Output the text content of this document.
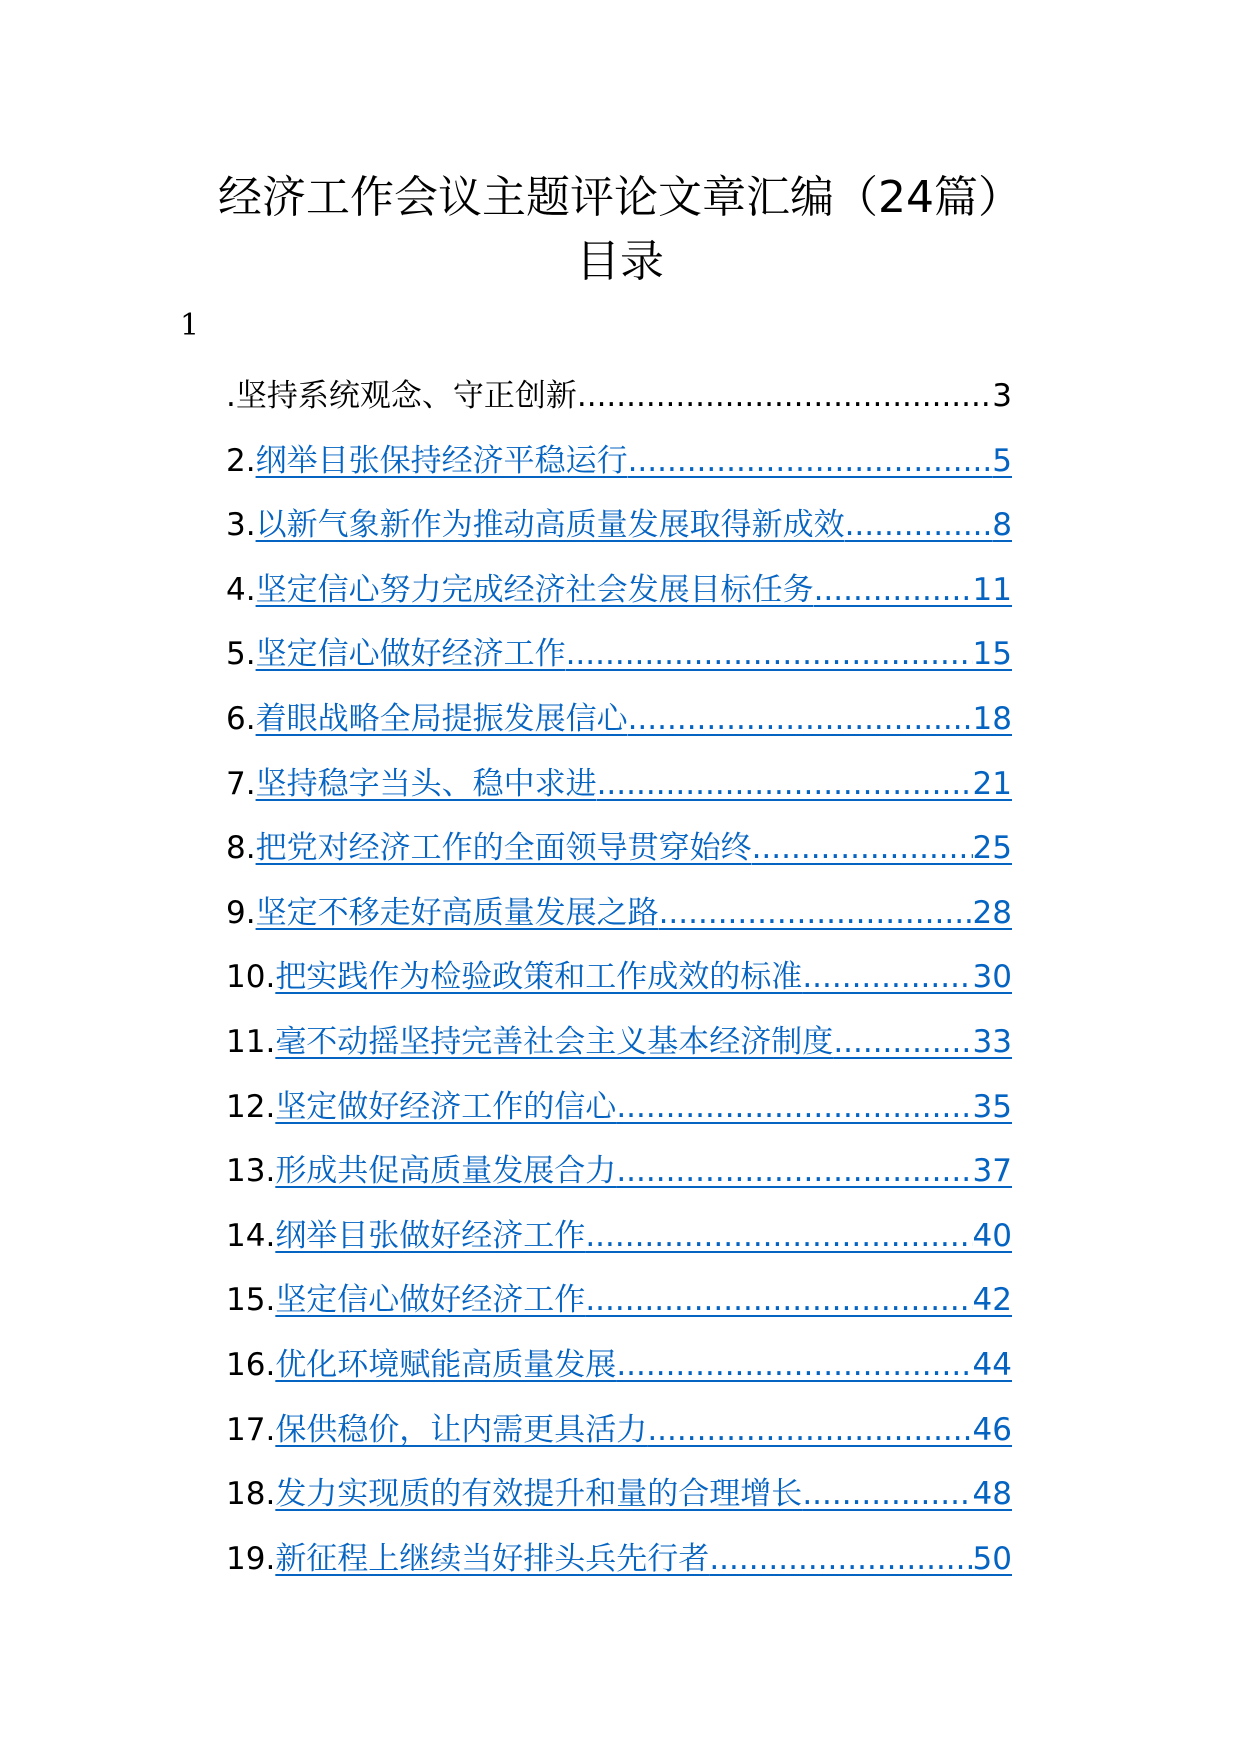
经济工作会议主题评论文章汇编（24篇）
目录
1
. 坚持系统观念、守正创新 .....	3
2. 纲举目张保持经济平稳运行 .....	5
3. 以新气象新作为推动高质量发展取得新成效 .....	8
4. 坚定信心努力完成经济社会发展目标任务 .....	11
5. 坚定信心做好经济工作 .....	15
6. 着眼战略全局提振发展信心 .....	18
7. 坚持稳字当头、稳中求进 .....	21
8. 把党对经济工作的全面领导贯穿始终 .....	25
9. 坚定不移走好高质量发展之路 .....	28
10. 把实践作为检验政策和工作成效的标准 .....	30
11. 毫不动摇坚持完善社会主义基本经济制度 .....	33
12. 坚定做好经济工作的信心 .....	35
13. 形成共促高质量发展合力 .....	37
14. 纲举目张做好经济工作 .....	40
15. 坚定信心做好经济工作 .....	42
16. 优化环境赋能高质量发展 .....	44
17. 保供稳价，让内需更具活力 .....	46
18. 发力实现质的有效提升和量的合理增长 .....	48
19. 新征程上继续当好排头兵先行者 .....	50
